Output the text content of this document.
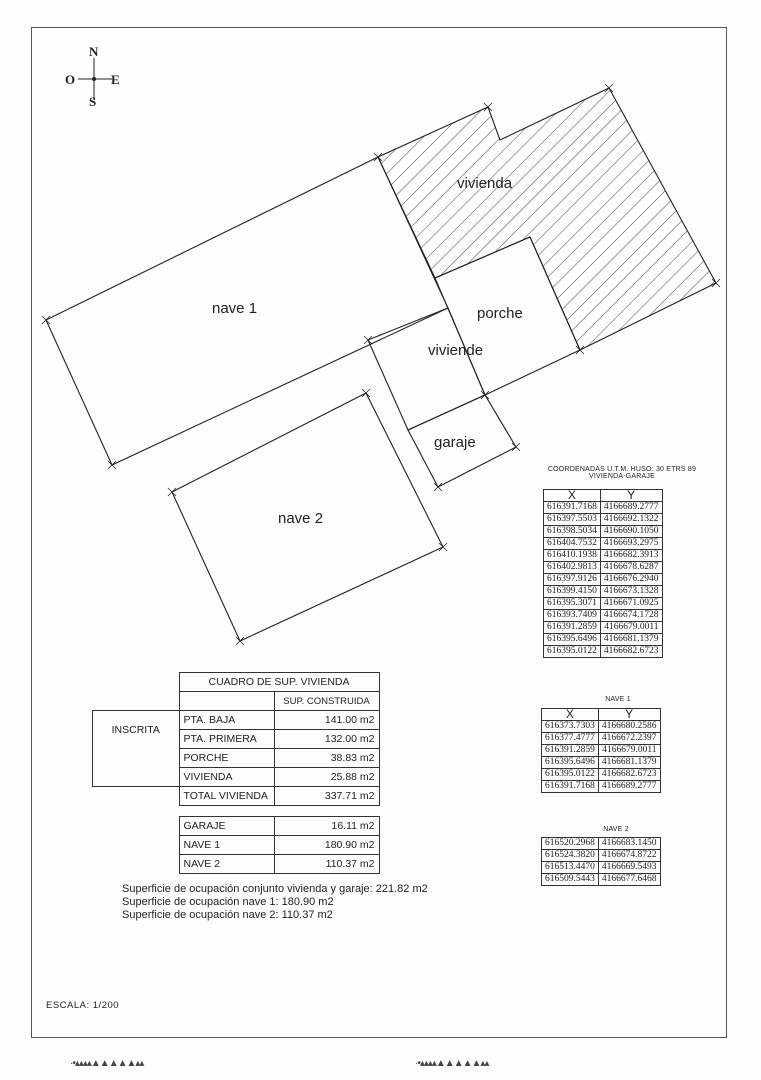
N
S
E
O
vivienda
nave 1	porche
viviende
garaje
nave 2
COORDENADAS U.T.M. HUSO: 30 ETRS 89
VIVIENDA-GARAJE
X	Y
616391.7168	4166689.2777
616397.5503	4166692.1322
616398.5034	4166690.1050
616404.7532	4166693.2975
616410.1938	4166682.3913
616402.9813	4166678.6287
616397.9126	4166676.2940
616399.4150	4166673.1328
616395.3071	4166671.0925
616393.7409	4166674.1728
616391.2859	4166679.0011
616395.6496	4166681.1379
616395.0122	4166682.6723
NAVE 1
X	Y
616373.7303	4166680.2586
616377.4777	4166672.2397
616391.2859	4166679.0011
616395.6496	4166681.1379
616395.0122	4166682.6723
616391.7168	4166689.2777
NAVE 2
616520.2968	4166683.1450
616524.3820	4166674.8722
616513.4470	4166669.5493
616509.5443	4166677.6468
	CUADRO DE SUP. VIVIENDA	
		SUP. CONSTRUIDA
INSCRITA	PTA. BAJA	141.00 m2
	PTA. PRIMERA	132.00 m2
	PORCHE	38.83 m2
	VIVIENDA	25.88 m2
	TOTAL VIVIENDA	337.71 m2

	GARAJE	16.11 m2
	NAVE 1	180.90 m2
	NAVE 2	110.37 m2
Superficie de ocupación conjunto vivienda y garaje: 221.82 m2
Superficie de ocupación nave 1: 180.90 m2
Superficie de ocupación nave 2: 110.37 m2
ESCALA: 1/200
·•▴▴▴▴▲▲▲▲▲▴▴	·•▴▴▴▴▲▲▲▲▲▴▴
